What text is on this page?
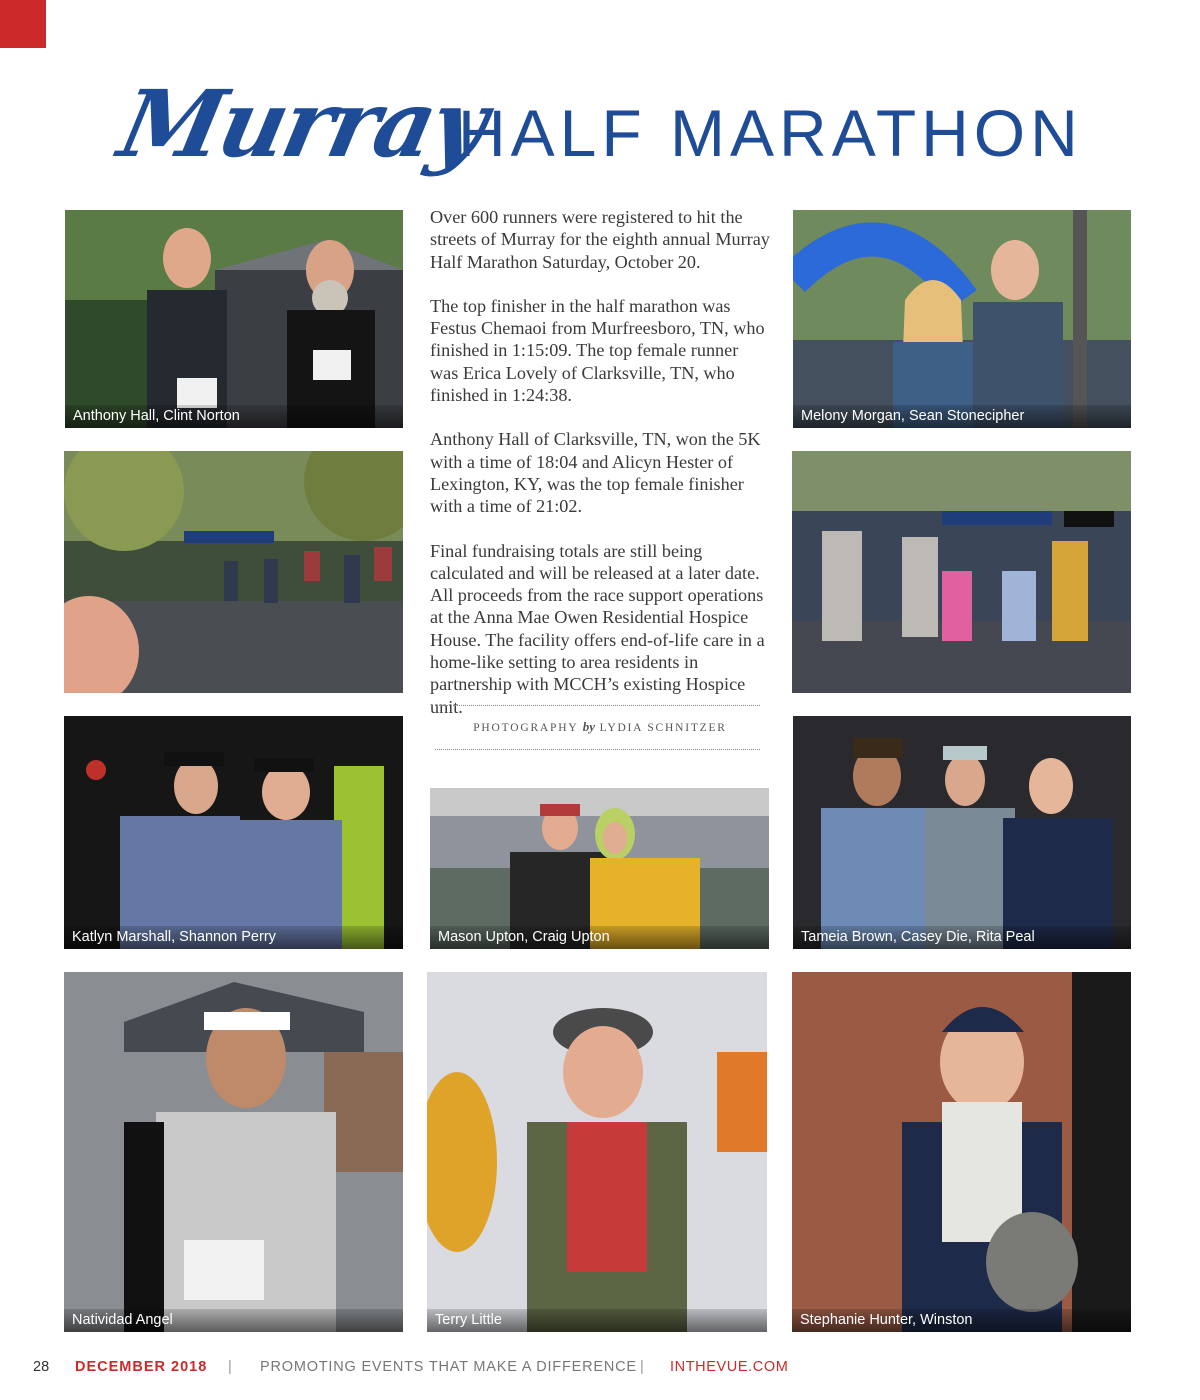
Murray
HALF MARATHON
Anthony Hall, Clint Norton	Melony Morgan, Sean Stonecipher
Katlyn Marshall, Shannon Perry	Mason Upton, Craig Upton	Tameia Brown, Casey Die, Rita Peal
Natividad Angel	Terry Little	Stephanie Hunter, Winston

Over 600 runners were registered to hit the streets of Murray for the eighth annual Murray Half Marathon Saturday, October 20.

The top finisher in the half marathon was Festus Chemaoi from Murfreesboro, TN, who finished in 1:15:09. The top female runner was Erica Lovely of Clarksville, TN, who finished in 1:24:38.

Anthony Hall of Clarksville, TN, won the 5K with a time of 18:04 and Alicyn Hester of Lexington, KY, was the top female finisher with a time of 21:02.

Final fundraising totals are still being calculated and will be released at a later date. All proceeds from the race support operations at the Anna Mae Owen Residential Hospice House. The facility offers end-of-life care in a home-like setting to area residents in partnership with MCCH’s existing Hospice unit.

PHOTOGRAPHY by LYDIA SCHNITZER
28 DECEMBER 2018 | PROMOTING EVENTS THAT MAKE A DIFFERENCE | INTHEVUE.COM
